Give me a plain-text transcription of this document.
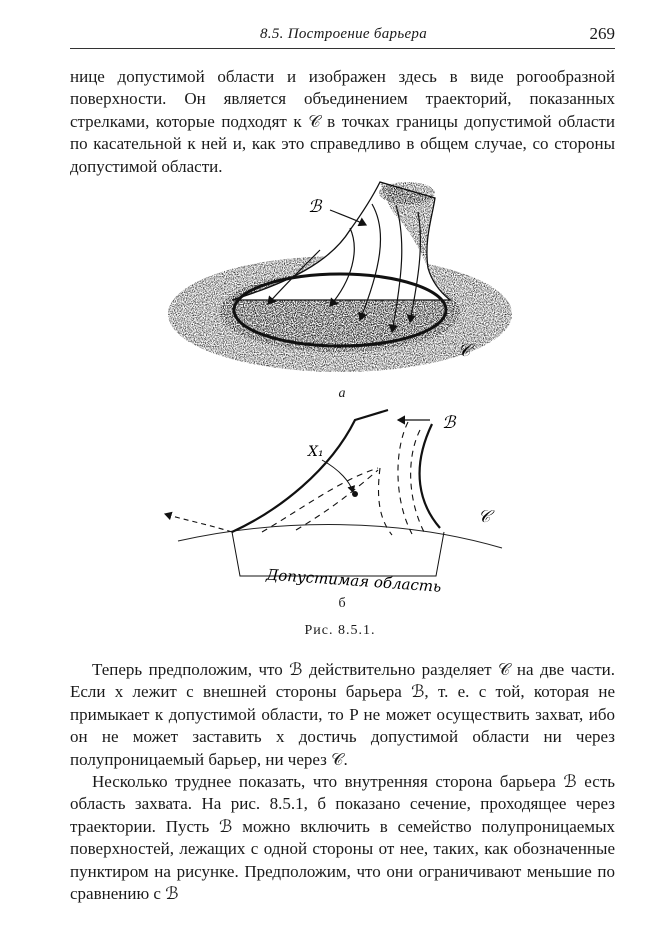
8.5. Построение барьера	269

нице допустимой области и изображен здесь в виде рогообразной поверхности. Он является объединением траекторий, показанных стрелками, которые подходят к 𝒞 в точках границы допустимой области по касательной к ней и, как это справедливо в общем случае, со стороны допустимой области.

ℬ
𝒞
ℬ
𝒞
X₁
Допустимая область
а
б
Рис. 8.5.1.

Теперь предположим, что ℬ действительно разделяет 𝒞 на две части. Если x лежит с внешней стороны барьера ℬ, т. е. с той, которая не примыкает к допустимой области, то P не может осуществить захват, ибо он не может заставить x достичь допустимой области ни через полупроницаемый барьер, ни через 𝒞.

Несколько труднее показать, что внутренняя сторона барьера ℬ есть область захвата. На рис. 8.5.1, б показано сечение, проходящее через траектории. Пусть ℬ можно включить в семейство полупроницаемых поверхностей, лежащих с одной стороны от нее, таких, как обозначенные пунктиром на рисунке. Предположим, что они ограничивают меньшие по сравнению с ℬ
